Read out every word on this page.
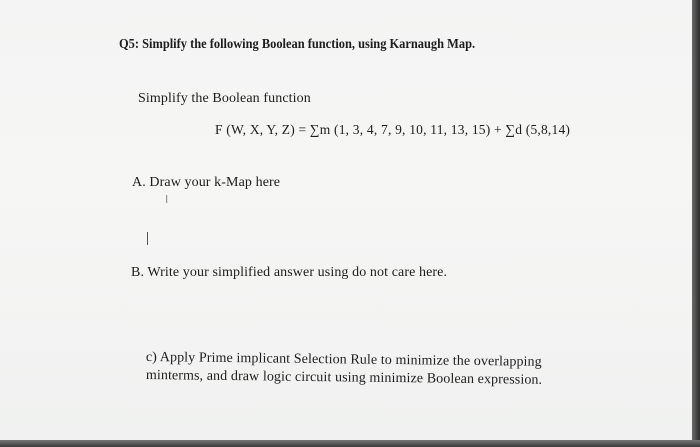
Q5: Simplify the following Boolean function, using Karnaugh Map.
Simplify the Boolean function
F (W, X, Y, Z) = ∑m (1, 3, 4, 7, 9, 10, 11, 13, 15) + ∑d (5,8,14)
A. Draw your k-Map here
I
B. Write your simplified answer using do not care here.
c) Apply Prime implicant Selection Rule to minimize the overlapping
minterms, and draw logic circuit using minimize Boolean expression.
